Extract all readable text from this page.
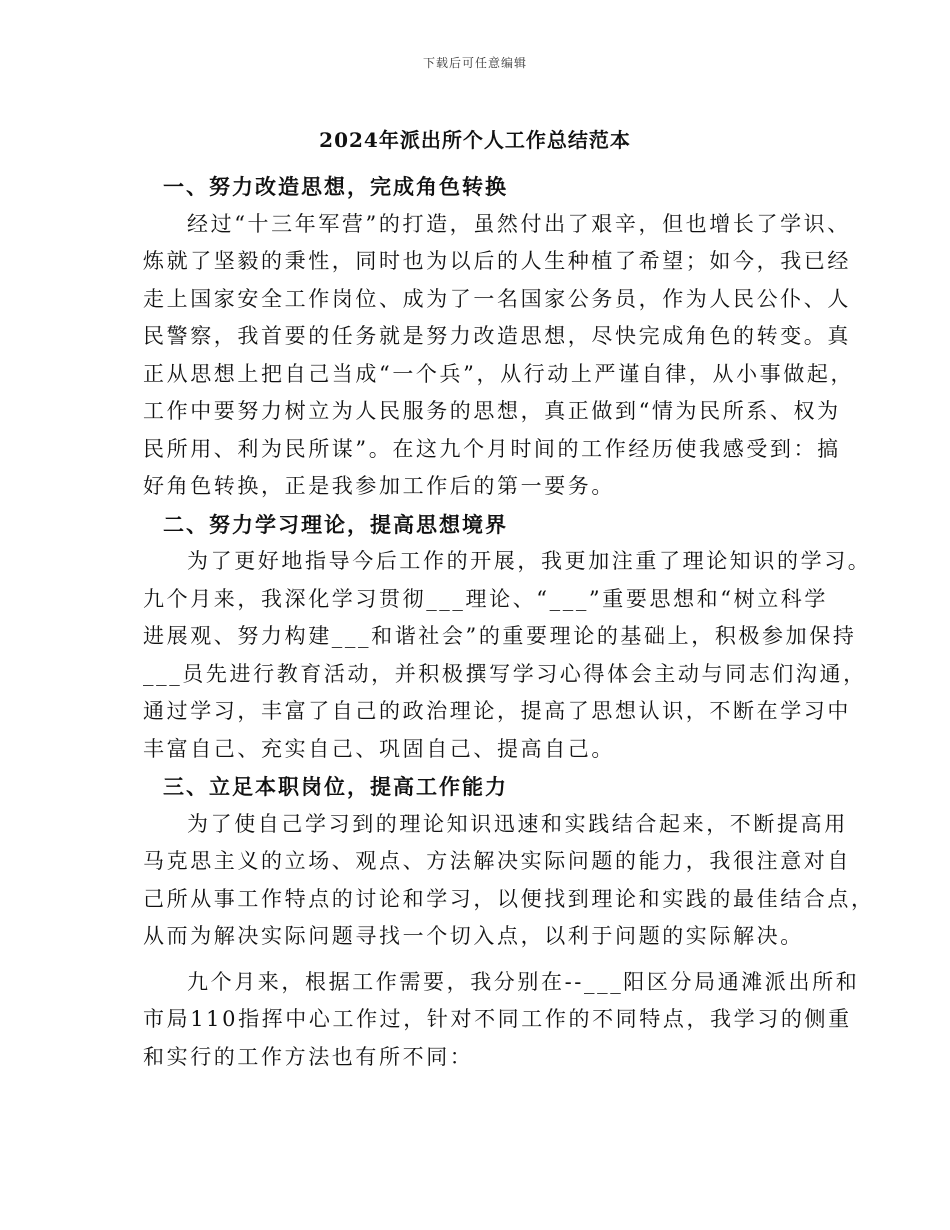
下载后可任意编辑
2024年派出所个人工作总结范本
一、努力改造思想，完成角色转换
经过“十三年军营”的打造，虽然付出了艰辛，但也增长了学识、
炼就了坚毅的秉性，同时也为以后的人生种植了希望；如今，我已经
走上国家安全工作岗位、成为了一名国家公务员，作为人民公仆、人
民警察，我首要的任务就是努力改造思想，尽快完成角色的转变。真
正从思想上把自己当成“一个兵”，从行动上严谨自律，从小事做起，
工作中要努力树立为人民服务的思想，真正做到“情为民所系、权为
民所用、利为民所谋”。在这九个月时间的工作经历使我感受到：搞
好角色转换，正是我参加工作后的第一要务。
二、努力学习理论，提高思想境界
为了更好地指导今后工作的开展，我更加注重了理论知识的学习。
九个月来，我深化学习贯彻___理论、“___”重要思想和“树立科学
进展观、努力构建___和谐社会”的重要理论的基础上，积极参加保持
___员先进行教育活动，并积极撰写学习心得体会主动与同志们沟通，
通过学习，丰富了自己的政治理论，提高了思想认识，不断在学习中
丰富自己、充实自己、巩固自己、提高自己。
三、立足本职岗位，提高工作能力
为了使自己学习到的理论知识迅速和实践结合起来，不断提高用
马克思主义的立场、观点、方法解决实际问题的能力，我很注意对自
己所从事工作特点的讨论和学习，以便找到理论和实践的最佳结合点，
从而为解决实际问题寻找一个切入点，以利于问题的实际解决。
九个月来，根据工作需要，我分别在--___阳区分局通滩派出所和
市局110指挥中心工作过，针对不同工作的不同特点，我学习的侧重
和实行的工作方法也有所不同：
